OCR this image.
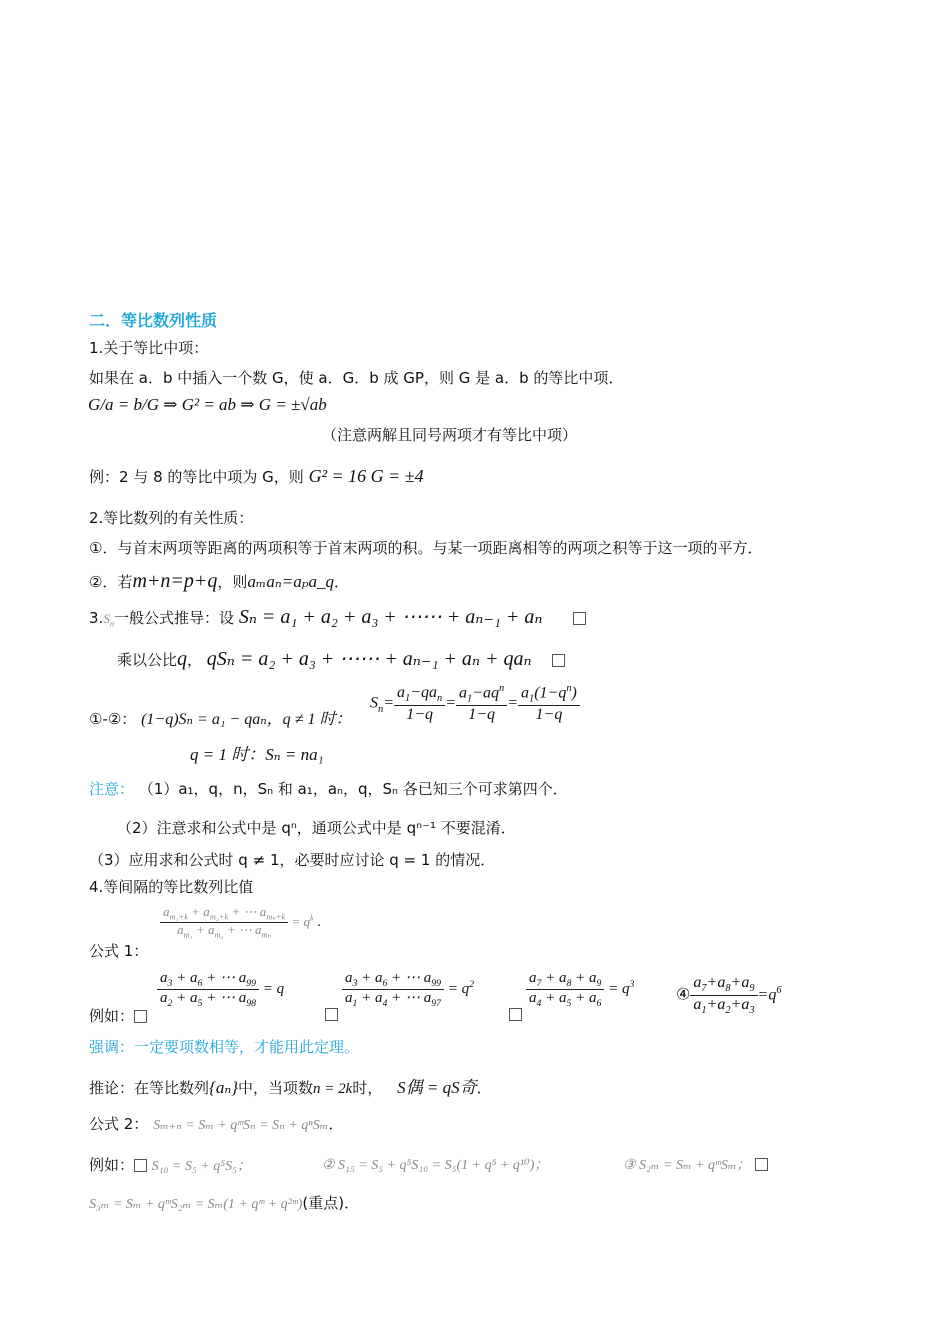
二．等比数列性质
1.关于等比中项：
如果在 a．b 中插入一个数 G，使 a．G．b 成 GP，则 G 是 a．b 的等比中项．
G/a = b/G ⇒ G² = ab ⇒ G = ±√ab
（注意两解且同号两项才有等比中项）
例：2 与 8 的等比中项为 G，则 G² = 16 G = ±4
2.等比数列的有关性质：
①．与首末两项等距离的两项积等于首末两项的积。与某一项距离相等的两项之积等于这一项的平方．
②．若m+n=p+q，则aₘaₙ=aₚa_q．
$3.S_n$一般公式推导：设 Sₙ = a₁ + a₂ + a₃ + ⋯⋯ + aₙ₋₁ + aₙ
乘以公比q， qSₙ = a₂ + a₃ + ⋯⋯ + aₙ₋₁ + aₙ + qaₙ
①-②： (1−q)Sₙ = a₁ − qaₙ，q ≠ 1 时：
$S_n= \frac{a_1-qa_n}{1-q} = \frac{a_1-aq^n}{1-q} = \frac{a_1(1-q^n)}{1-q}$
q = 1 时：Sₙ = na₁
注意： （1）a₁，q，n，Sₙ 和 a₁，aₙ，q，Sₙ 各已知三个可求第四个．
（2）注意求和公式中是 qⁿ，通项公式中是 qⁿ⁻¹ 不要混淆．
（3）应用求和公式时 q ≠ 1，必要时应讨论 q = 1 的情况．
4.等间隔的等比数列比值
公式 1：
$\frac{a_{m_1+k} + a_{m_2+k} + \cdots a_{m_n+k}}{a_{m_1} + a_{m_2} + \cdots a_{m_n}} = q^k$ .
例如：
$\frac{a_3 + a_6 + \cdots a_{99}}{a_2 + a_5 + \cdots a_{98}} = q$	$\frac{a_3 + a_6 + \cdots a_{99}}{a_1 + a_4 + \cdots a_{97}} = q^2$	$\frac{a_7 + a_8 + a_9}{a_4 + a_5 + a_6} = q^3$	④ $\frac{a_7+a_8+a_9}{a_1+a_2+a_3} =q^6$
强调：一定要项数相等，才能用此定理。
推论：在等比数列{aₙ}中，当项数n = 2k时， S偶 = qS奇．
公式 2： Sₘ₊ₙ = Sₘ + qᵐSₙ = Sₙ + qⁿSₘ．
例如： S₁₀ = S₅ + q⁵S₅；	② S₁₅ = S₅ + q⁵S₁₀ = S₅(1 + q⁵ + q¹⁰)；	③ S₂ₘ = Sₘ + qᵐSₘ；
S₃ₘ = Sₘ + qᵐS₂ₘ = Sₘ(1 + qᵐ + q²ᵐ)(重点)．
